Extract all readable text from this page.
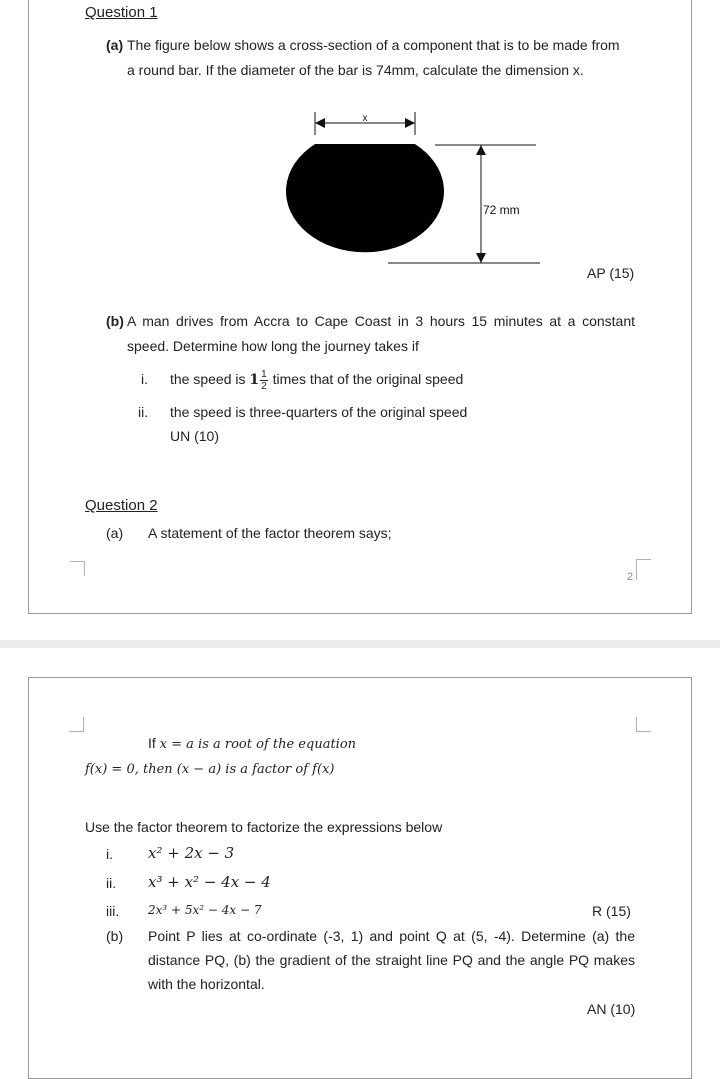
Question 1
(a) The figure below shows a cross-section of a component that is to be made from
a round bar. If the diameter of the bar is 74mm, calculate the dimension x.
x
72 mm
AP (15)
(b) A man drives from Accra to Cape Coast in 3 hours 15 minutes at a constant
speed. Determine how long the journey takes if
i. the speed is $1 \frac{1}{2}$ times that of the original speed
ii. the speed is three-quarters of the original speed
UN (10)
Question 2
(a) A statement of the factor theorem says;
2
If x = a is a root of the equation
f(x) = 0, then (x − a) is a factor of f(x)
Use the factor theorem to factorize the expressions below
i. x² + 2x − 3
ii. x³ + x² − 4x − 4
iii. 2x³ + 5x² − 4x − 7	R (15)
(b) Point P lies at co-ordinate (-3, 1) and point Q at (5, -4). Determine (a) the
distance PQ, (b) the gradient of the straight line PQ and the angle PQ makes
with the horizontal.
AN (10)
